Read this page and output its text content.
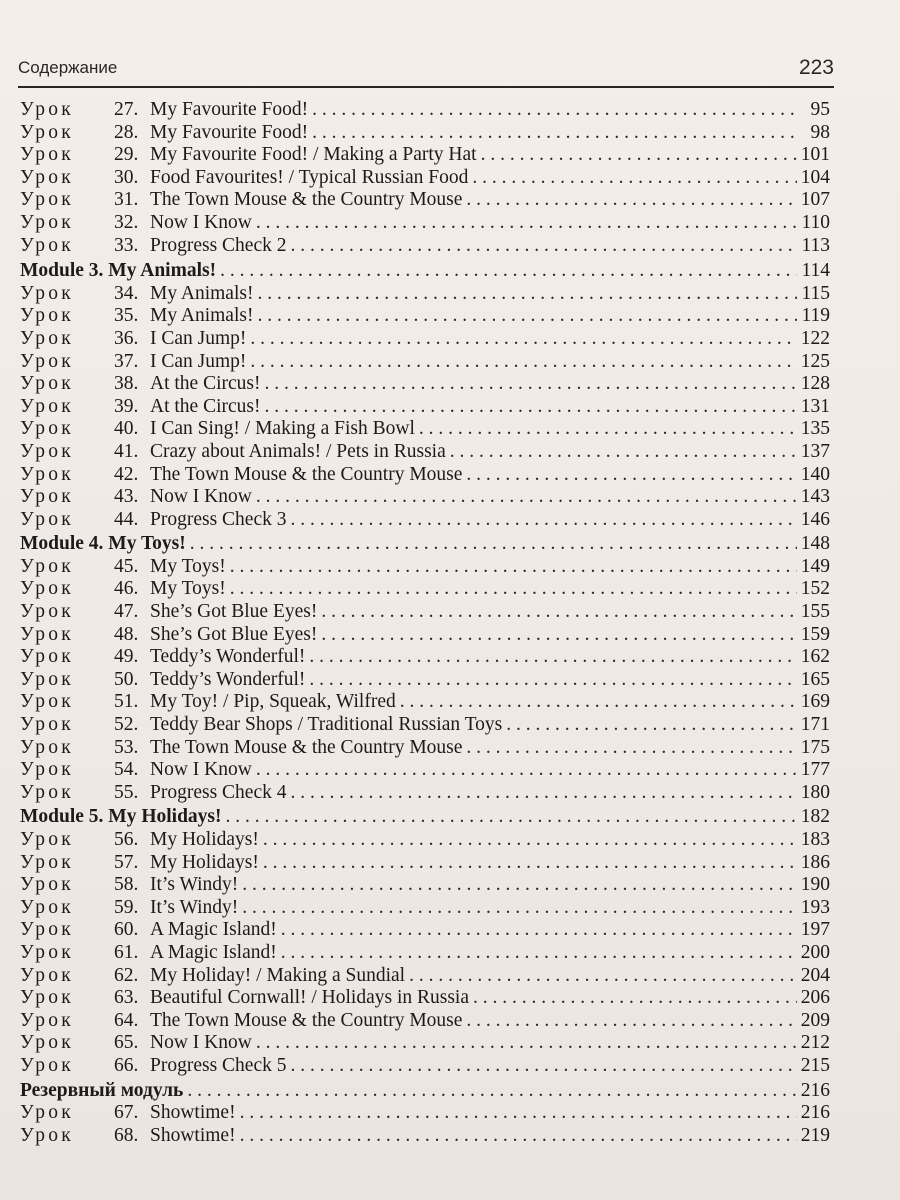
Содержание	223
Урок	27. My Favourite Food! . . .	95
Урок	28. My Favourite Food! . . .	98
Урок	29. My Favourite Food! / Making a Party Hat . . .	101
Урок	30. Food Favourites! / Typical Russian Food . . .	104
Урок	31. The Town Mouse & the Country Mouse . . .	107
Урок	32. Now I Know . . .	110
Урок	33. Progress Check 2 . . .	113
Module 3. My Animals! . . .	114
Урок	34. My Animals! . . .	115
Урок	35. My Animals! . . .	119
Урок	36. I Can Jump! . . .	122
Урок	37. I Can Jump! . . .	125
Урок	38. At the Circus! . . .	128
Урок	39. At the Circus! . . .	131
Урок	40. I Can Sing! / Making a Fish Bowl . . .	135
Урок	41. Crazy about Animals! / Pets in Russia . . .	137
Урок	42. The Town Mouse & the Country Mouse . . .	140
Урок	43. Now I Know . . .	143
Урок	44. Progress Check 3 . . .	146
Module 4. My Toys! . . .	148
Урок	45. My Toys! . . .	149
Урок	46. My Toys! . . .	152
Урок	47. She’s Got Blue Eyes! . . .	155
Урок	48. She’s Got Blue Eyes! . . .	159
Урок	49. Teddy’s Wonderful! . . .	162
Урок	50. Teddy’s Wonderful! . . .	165
Урок	51. My Toy! / Pip, Squeak, Wilfred . . .	169
Урок	52. Teddy Bear Shops / Traditional Russian Toys . . .	171
Урок	53. The Town Mouse & the Country Mouse . . .	175
Урок	54. Now I Know . . .	177
Урок	55. Progress Check 4 . . .	180
Module 5. My Holidays! . . .	182
Урок	56. My Holidays! . . .	183
Урок	57. My Holidays! . . .	186
Урок	58. It’s Windy! . . .	190
Урок	59. It’s Windy! . . .	193
Урок	60. A Magic Island! . . .	197
Урок	61. A Magic Island! . . .	200
Урок	62. My Holiday! / Making a Sundial . . .	204
Урок	63. Beautiful Cornwall! / Holidays in Russia . . .	206
Урок	64. The Town Mouse & the Country Mouse . . .	209
Урок	65. Now I Know . . .	212
Урок	66. Progress Check 5 . . .	215
Резервный модуль . . .	216
Урок	67. Showtime! . . .	216
Урок	68. Showtime! . . .	219
